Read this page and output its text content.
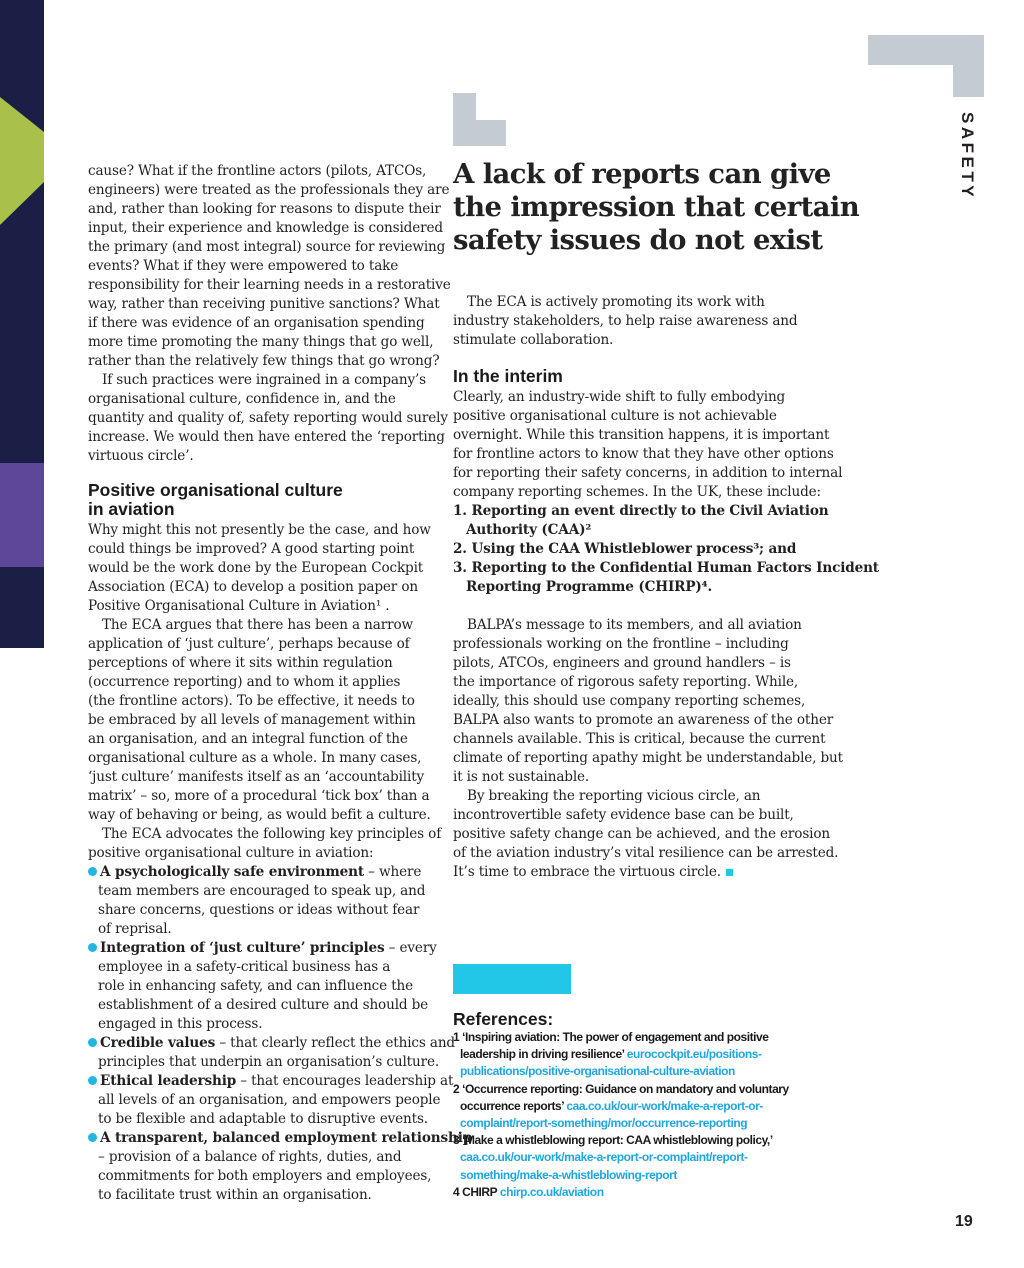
SAFETY
cause? What if the frontline actors (pilots, ATCOs,
engineers) were treated as the professionals they are
and, rather than looking for reasons to dispute their
input, their experience and knowledge is considered
the primary (and most integral) source for reviewing
events? What if they were empowered to take
responsibility for their learning needs in a restorative
way, rather than receiving punitive sanctions? What
if there was evidence of an organisation spending
more time promoting the many things that go well,
rather than the relatively few things that go wrong?
If such practices were ingrained in a company’s
organisational culture, confidence in, and the
quantity and quality of, safety reporting would surely
increase. We would then have entered the ‘reporting
virtuous circle’.
Positive organisational culture
in aviation
Why might this not presently be the case, and how
could things be improved? A good starting point
would be the work done by the European Cockpit
Association (ECA) to develop a position paper on
Positive Organisational Culture in Aviation¹ .
The ECA argues that there has been a narrow
application of ‘just culture’, perhaps because of
perceptions of where it sits within regulation
(occurrence reporting) and to whom it applies
(the frontline actors). To be effective, it needs to
be embraced by all levels of management within
an organisation, and an integral function of the
organisational culture as a whole. In many cases,
‘just culture’ manifests itself as an ‘accountability
matrix’ – so, more of a procedural ‘tick box’ than a
way of behaving or being, as would befit a culture.
The ECA advocates the following key principles of
positive organisational culture in aviation:
A psychologically safe environment – where
team members are encouraged to speak up, and
share concerns, questions or ideas without fear
of reprisal.
Integration of ‘just culture’ principles – every
employee in a safety-critical business has a
role in enhancing safety, and can influence the
establishment of a desired culture and should be
engaged in this process.
Credible values – that clearly reflect the ethics and
principles that underpin an organisation’s culture.
Ethical leadership – that encourages leadership at
all levels of an organisation, and empowers people
to be flexible and adaptable to disruptive events.
A transparent, balanced employment relationship
– provision of a balance of rights, duties, and
commitments for both employers and employees,
to facilitate trust within an organisation.
A lack of reports can give
the impression that certain
safety issues do not exist
The ECA is actively promoting its work with
industry stakeholders, to help raise awareness and
stimulate collaboration.
In the interim
Clearly, an industry-wide shift to fully embodying
positive organisational culture is not achievable
overnight. While this transition happens, it is important
for frontline actors to know that they have other options
for reporting their safety concerns, in addition to internal
company reporting schemes. In the UK, these include:
1. Reporting an event directly to the Civil Aviation
Authority (CAA)²
2. Using the CAA Whistleblower process³; and
3. Reporting to the Confidential Human Factors Incident
Reporting Programme (CHIRP)⁴.
BALPA’s message to its members, and all aviation
professionals working on the frontline – including
pilots, ATCOs, engineers and ground handlers – is
the importance of rigorous safety reporting. While,
ideally, this should use company reporting schemes,
BALPA also wants to promote an awareness of the other
channels available. This is critical, because the current
climate of reporting apathy might be understandable, but
it is not sustainable.
By breaking the reporting vicious circle, an
incontrovertible safety evidence base can be built,
positive safety change can be achieved, and the erosion
of the aviation industry’s vital resilience can be arrested.
It’s time to embrace the virtuous circle.
References:
1 ‘Inspiring aviation: The power of engagement and positive
leadership in driving resilience’ eurocockpit.eu/positions-
publications/positive-organisational-culture-aviation
2 ‘Occurrence reporting: Guidance on mandatory and voluntary
occurrence reports’ caa.co.uk/our-work/make-a-report-or-
complaint/report-something/mor/occurrence-reporting
3 ‘Make a whistleblowing report: CAA whistleblowing policy,’
caa.co.uk/our-work/make-a-report-or-complaint/report-
something/make-a-whistleblowing-report
4 CHIRP chirp.co.uk/aviation
19
